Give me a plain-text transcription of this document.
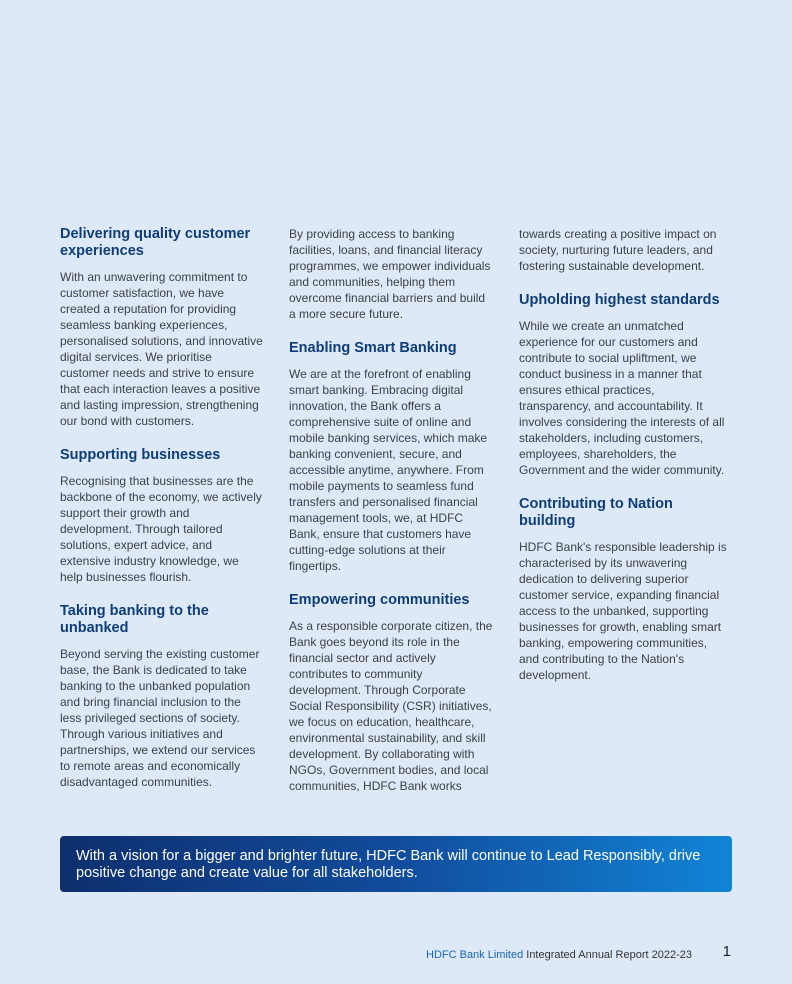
Delivering quality customer experiences

With an unwavering commitment to customer satisfaction, we have created a reputation for providing seamless banking experiences, personalised solutions, and innovative digital services. We prioritise customer needs and strive to ensure that each interaction leaves a positive and lasting impression, strengthening our bond with customers.

Supporting businesses

Recognising that businesses are the backbone of the economy, we actively support their growth and development. Through tailored solutions, expert advice, and extensive industry knowledge, we help businesses flourish.

Taking banking to the unbanked

Beyond serving the existing customer base, the Bank is dedicated to take banking to the unbanked population and bring financial inclusion to the less privileged sections of society. Through various initiatives and partnerships, we extend our services to remote areas and economically disadvantaged communities.

By providing access to banking facilities, loans, and financial literacy programmes, we empower individuals and communities, helping them overcome financial barriers and build a more secure future.

Enabling Smart Banking

We are at the forefront of enabling smart banking. Embracing digital innovation, the Bank offers a comprehensive suite of online and mobile banking services, which make banking convenient, secure, and accessible anytime, anywhere. From mobile payments to seamless fund transfers and personalised financial management tools, we, at HDFC Bank, ensure that customers have cutting-edge solutions at their fingertips.

Empowering communities

As a responsible corporate citizen, the Bank goes beyond its role in the financial sector and actively contributes to community development. Through Corporate Social Responsibility (CSR) initiatives, we focus on education, healthcare, environmental sustainability, and skill development. By collaborating with NGOs, Government bodies, and local communities, HDFC Bank works

towards creating a positive impact on society, nurturing future leaders, and fostering sustainable development.

Upholding highest standards

While we create an unmatched experience for our customers and contribute to social upliftment, we conduct business in a manner that ensures ethical practices, transparency, and accountability. It involves considering the interests of all stakeholders, including customers, employees, shareholders, the Government and the wider community.

Contributing to Nation building

HDFC Bank's responsible leadership is characterised by its unwavering dedication to delivering superior customer service, expanding financial access to the unbanked, supporting businesses for growth, enabling smart banking, empowering communities, and contributing to the Nation's development.

With a vision for a bigger and brighter future, HDFC Bank will continue to Lead Responsibly, drive positive change and create value for all stakeholders.
HDFC Bank Limited Integrated Annual Report 2022-23 1
